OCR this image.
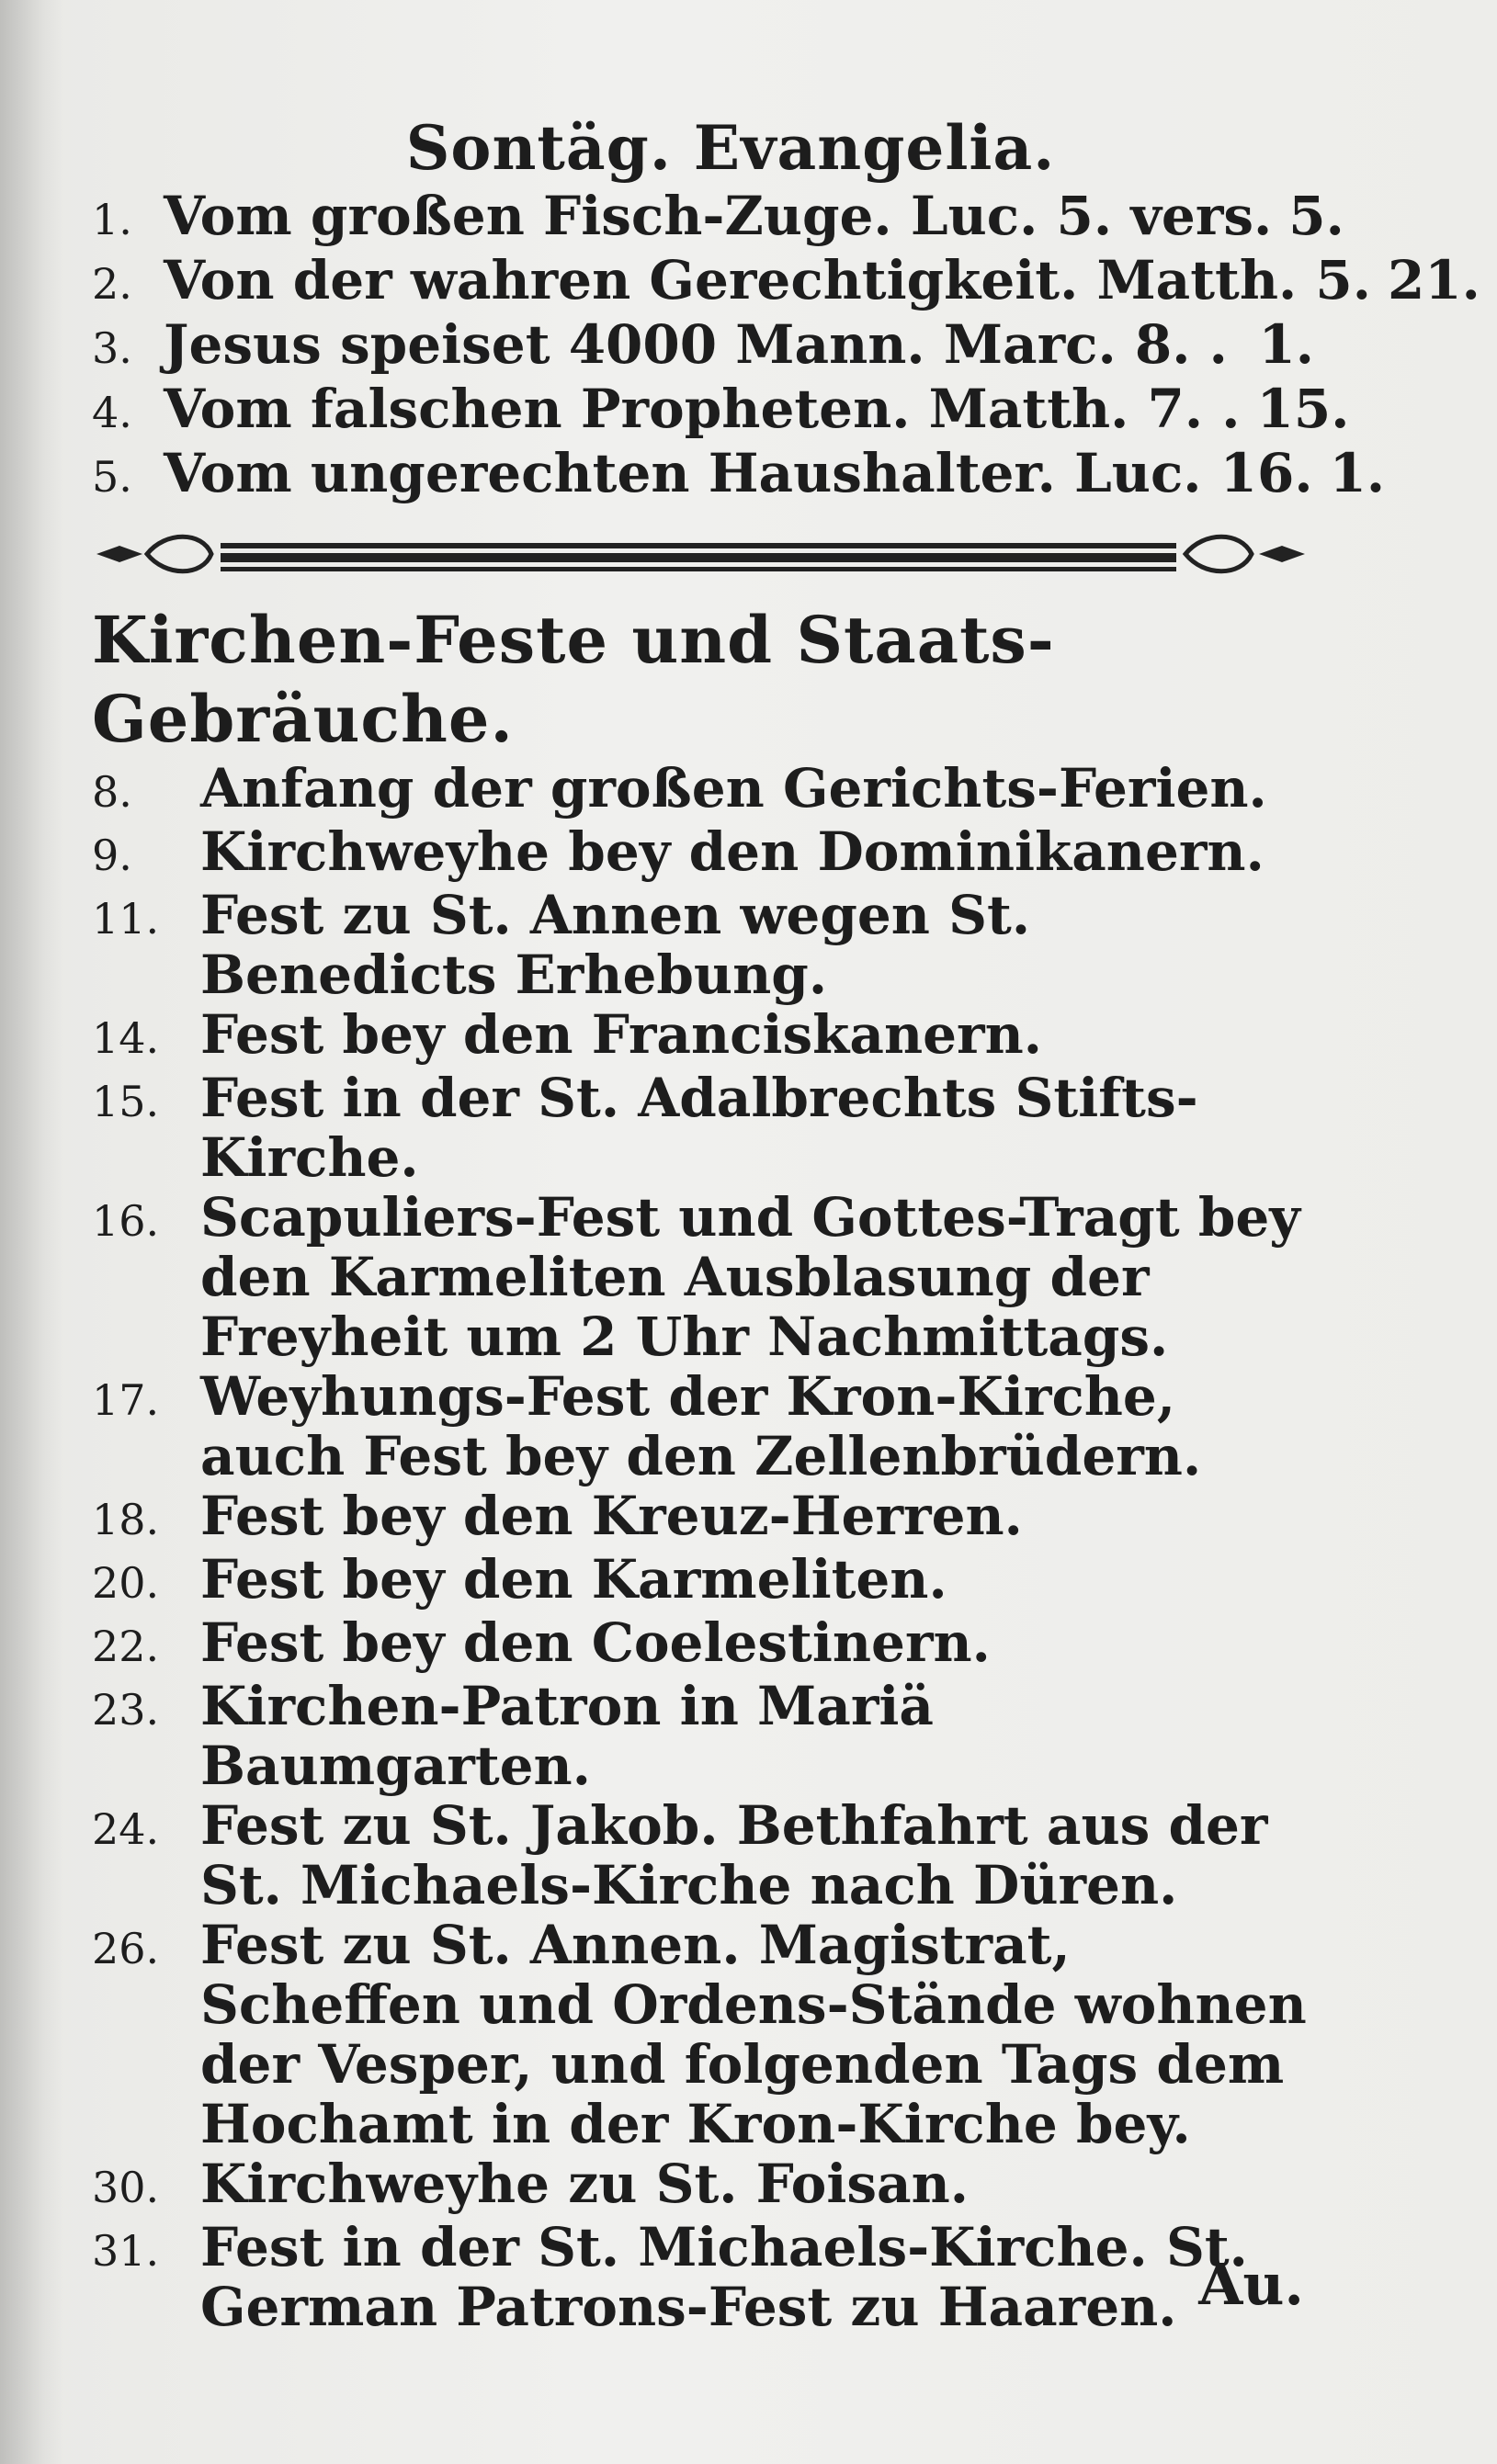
Sontäg. Evangelia.
1. Vom großen Fisch-Zuge. Luc. 5. vers. 5.
2. Von der wahren Gerechtigkeit. Matth. 5. 21.
3. Jesus speiset 4000 Mann. Marc. 8. . 1.
4. Vom falschen Propheten. Matth. 7. . 15.
5. Vom ungerechten Haushalter. Luc. 16. 1.
Kirchen-Feste und Staats-Gebräuche.
8.	Anfang der großen Gerichts-Ferien.
9.	Kirchweyhe bey den Dominikanern.
11. Fest zu St. Annen wegen St. Benedicts Erhebung.
14. Fest bey den Franciskanern.
15. Fest in der St. Adalbrechts Stifts-Kirche.
16. Scapuliers-Fest und Gottes-Tragt bey den Karmeliten Ausblasung der Freyheit um 2 Uhr Nachmittags.
17. Weyhungs-Fest der Kron-Kirche, auch Fest bey den Zellenbrüdern.
18. Fest bey den Kreuz-Herren.
20. Fest bey den Karmeliten.
22. Fest bey den Coelestinern.
23. Kirchen-Patron in Mariä Baumgarten.
24. Fest zu St. Jakob. Bethfahrt aus der St. Michaels-Kirche nach Düren.
26. Fest zu St. Annen. Magistrat, Scheffen und Ordens-Stände wohnen der Vesper, und folgenden Tags dem Hochamt in der Kron-Kirche bey.
30. Kirchweyhe zu St. Foisan.
31. Fest in der St. Michaels-Kirche. St. German Patrons-Fest zu Haaren. Au.
